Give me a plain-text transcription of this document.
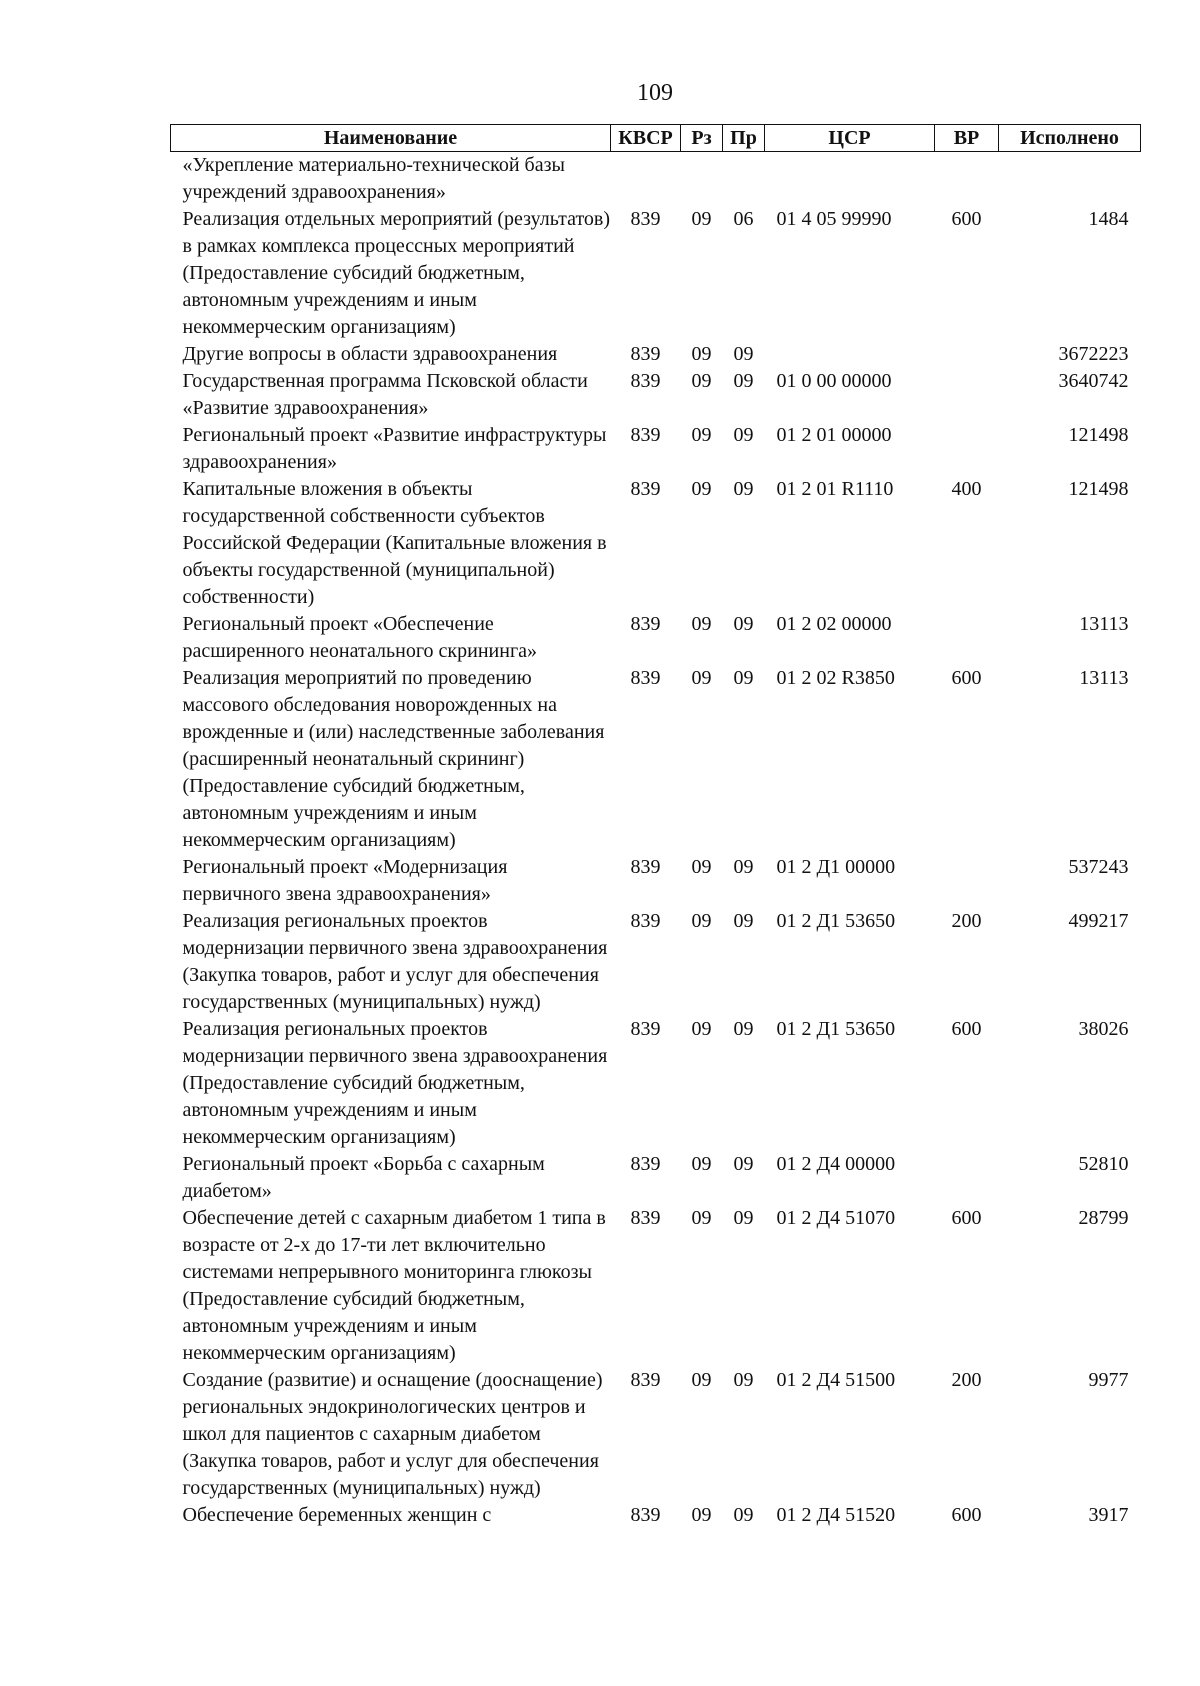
109
Наименование	КВСР	Рз	Пр	ЦСР	ВР	Исполнено
«Укрепление материально-технической базы учреждений здравоохранения»						
Реализация отдельных мероприятий (результатов) в рамках комплекса процессных мероприятий (Предоставление субсидий бюджетным, автономным учреждениям и иным некоммерческим организациям)	839	09	06	01 4 05 99990	600	1484
Другие вопросы в области здравоохранения	839	09	09			3672223
Государственная программа Псковской области «Развитие здравоохранения»	839	09	09	01 0 00 00000		3640742
Региональный проект «Развитие инфраструктуры здравоохранения»	839	09	09	01 2 01 00000		121498
Капитальные вложения в объекты государственной собственности субъектов Российской Федерации (Капитальные вложения в объекты государственной (муниципальной) собственности)	839	09	09	01 2 01 R1110	400	121498
Региональный проект «Обеспечение расширенного неонатального скрининга»	839	09	09	01 2 02 00000		13113
Реализация мероприятий по проведению массового обследования новорожденных на врожденные и (или) наследственные заболевания (расширенный неонатальный скрининг) (Предоставление субсидий бюджетным, автономным учреждениям и иным некоммерческим организациям)	839	09	09	01 2 02 R3850	600	13113
Региональный проект «Модернизация первичного звена здравоохранения»	839	09	09	01 2 Д1 00000		537243
Реализация региональных проектов модернизации первичного звена здравоохранения (Закупка товаров, работ и услуг для обеспечения государственных (муниципальных) нужд)	839	09	09	01 2 Д1 53650	200	499217
Реализация региональных проектов модернизации первичного звена здравоохранения (Предоставление субсидий бюджетным, автономным учреждениям и иным некоммерческим организациям)	839	09	09	01 2 Д1 53650	600	38026
Региональный проект «Борьба с сахарным диабетом»	839	09	09	01 2 Д4 00000		52810
Обеспечение детей с сахарным диабетом 1 типа в возрасте от 2-х до 17-ти лет включительно системами непрерывного мониторинга глюкозы (Предоставление субсидий бюджетным, автономным учреждениям и иным некоммерческим организациям)	839	09	09	01 2 Д4 51070	600	28799
Создание (развитие) и оснащение (дооснащение) региональных эндокринологических центров и школ для пациентов с сахарным диабетом (Закупка товаров, работ и услуг для обеспечения государственных (муниципальных) нужд)	839	09	09	01 2 Д4 51500	200	9977
Обеспечение беременных женщин с	839	09	09	01 2 Д4 51520	600	3917
